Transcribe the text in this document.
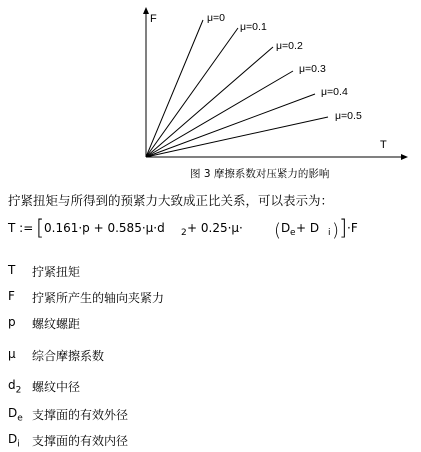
F
T
μ=0
μ=0.1
μ=0.2
μ=0.3
μ=0.4
μ=0.5
图 3 摩擦系数对压紧力的影响
拧紧扭矩与所得到的预紧力大致成正比关系，可以表示为：
T := [ 0.161·p + 0.585·μ·d 2 + 0.25·μ· ( D e + D i ) ] ·F
T	拧紧扭矩
F	拧紧所产生的轴向夹紧力
p	螺纹螺距
μ	综合摩擦系数
$d_2$ 螺纹中径
$D_e$ 支撑面的有效外径
$D_i$	支撑面的有效内径
